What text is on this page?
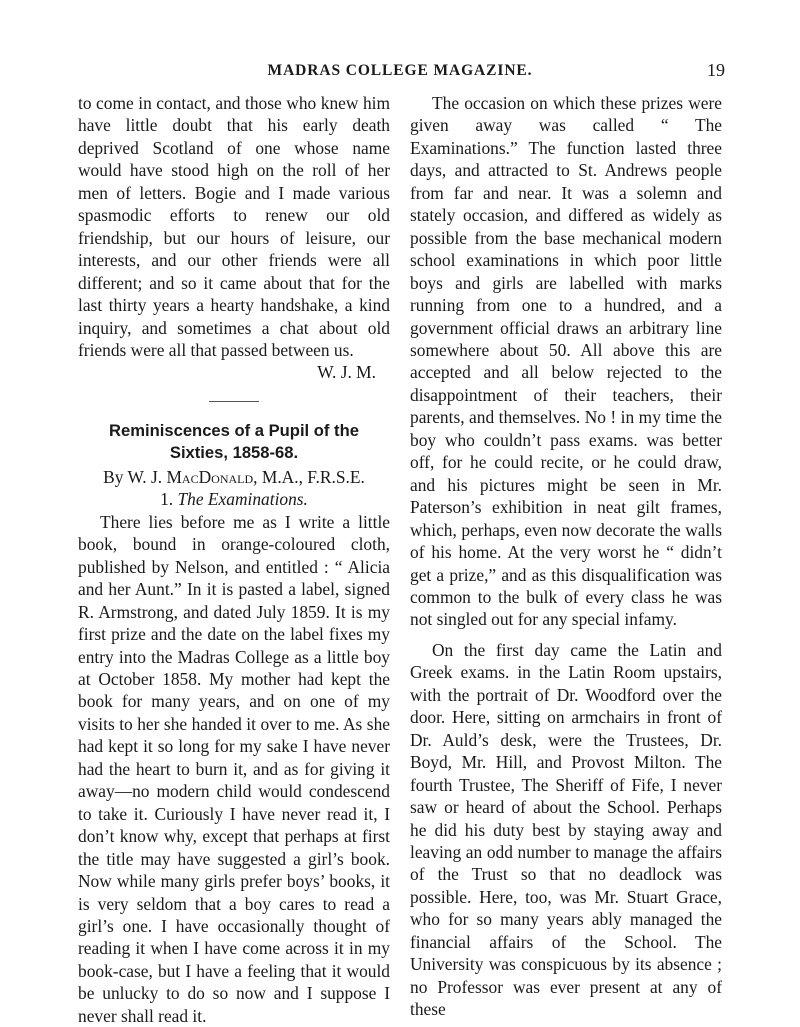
MADRAS COLLEGE MAGAZINE.	19

to come in contact, and those who knew him have little doubt that his early death deprived Scotland of one whose name would have stood high on the roll of her men of letters. Bogie and I made various spasmodic efforts to renew our old friendship, but our hours of leisure, our interests, and our other friends were all different; and so it came about that for the last thirty years a hearty handshake, a kind inquiry, and sometimes a chat about old friends were all that passed between us.

W. J. M.

Reminiscences of a Pupil of the Sixties, 1858-68.
By W. J. MacDonald, M.A., F.R.S.E.
1. The Examinations.

There lies before me as I write a little book, bound in orange-coloured cloth, published by Nelson, and entitled : “ Alicia and her Aunt.” In it is pasted a label, signed R. Armstrong, and dated July 1859. It is my first prize and the date on the label fixes my entry into the Madras College as a little boy at October 1858. My mother had kept the book for many years, and on one of my visits to her she handed it over to me. As she had kept it so long for my sake I have never had the heart to burn it, and as for giving it away—no modern child would condescend to take it. Curiously I have never read it, I don’t know why, except that perhaps at first the title may have suggested a girl’s book. Now while many girls prefer boys’ books, it is very seldom that a boy cares to read a girl’s one. I have occasionally thought of reading it when I have come across it in my book-case, but I have a feeling that it would be unlucky to do so now and I suppose I never shall read it.

The occasion on which these prizes were given away was called “ The Examinations.” The function lasted three days, and attracted to St. Andrews people from far and near. It was a solemn and stately occasion, and differed as widely as possible from the base mechanical modern school examinations in which poor little boys and girls are labelled with marks running from one to a hundred, and a government official draws an arbitrary line somewhere about 50. All above this are accepted and all below rejected to the disappointment of their teachers, their parents, and themselves. No ! in my time the boy who couldn’t pass exams. was better off, for he could recite, or he could draw, and his pictures might be seen in Mr. Paterson’s exhibition in neat gilt frames, which, perhaps, even now decorate the walls of his home. At the very worst he “ didn’t get a prize,” and as this disqualification was common to the bulk of every class he was not singled out for any special infamy.

On the first day came the Latin and Greek exams. in the Latin Room upstairs, with the portrait of Dr. Woodford over the door. Here, sitting on armchairs in front of Dr. Auld’s desk, were the Trustees, Dr. Boyd, Mr. Hill, and Provost Milton. The fourth Trustee, The Sheriff of Fife, I never saw or heard of about the School. Perhaps he did his duty best by staying away and leaving an odd number to manage the affairs of the Trust so that no deadlock was possible. Here, too, was Mr. Stuart Grace, who for so many years ably managed the financial affairs of the School. The University was conspicuous by its absence ; no Professor was ever present at any of these
